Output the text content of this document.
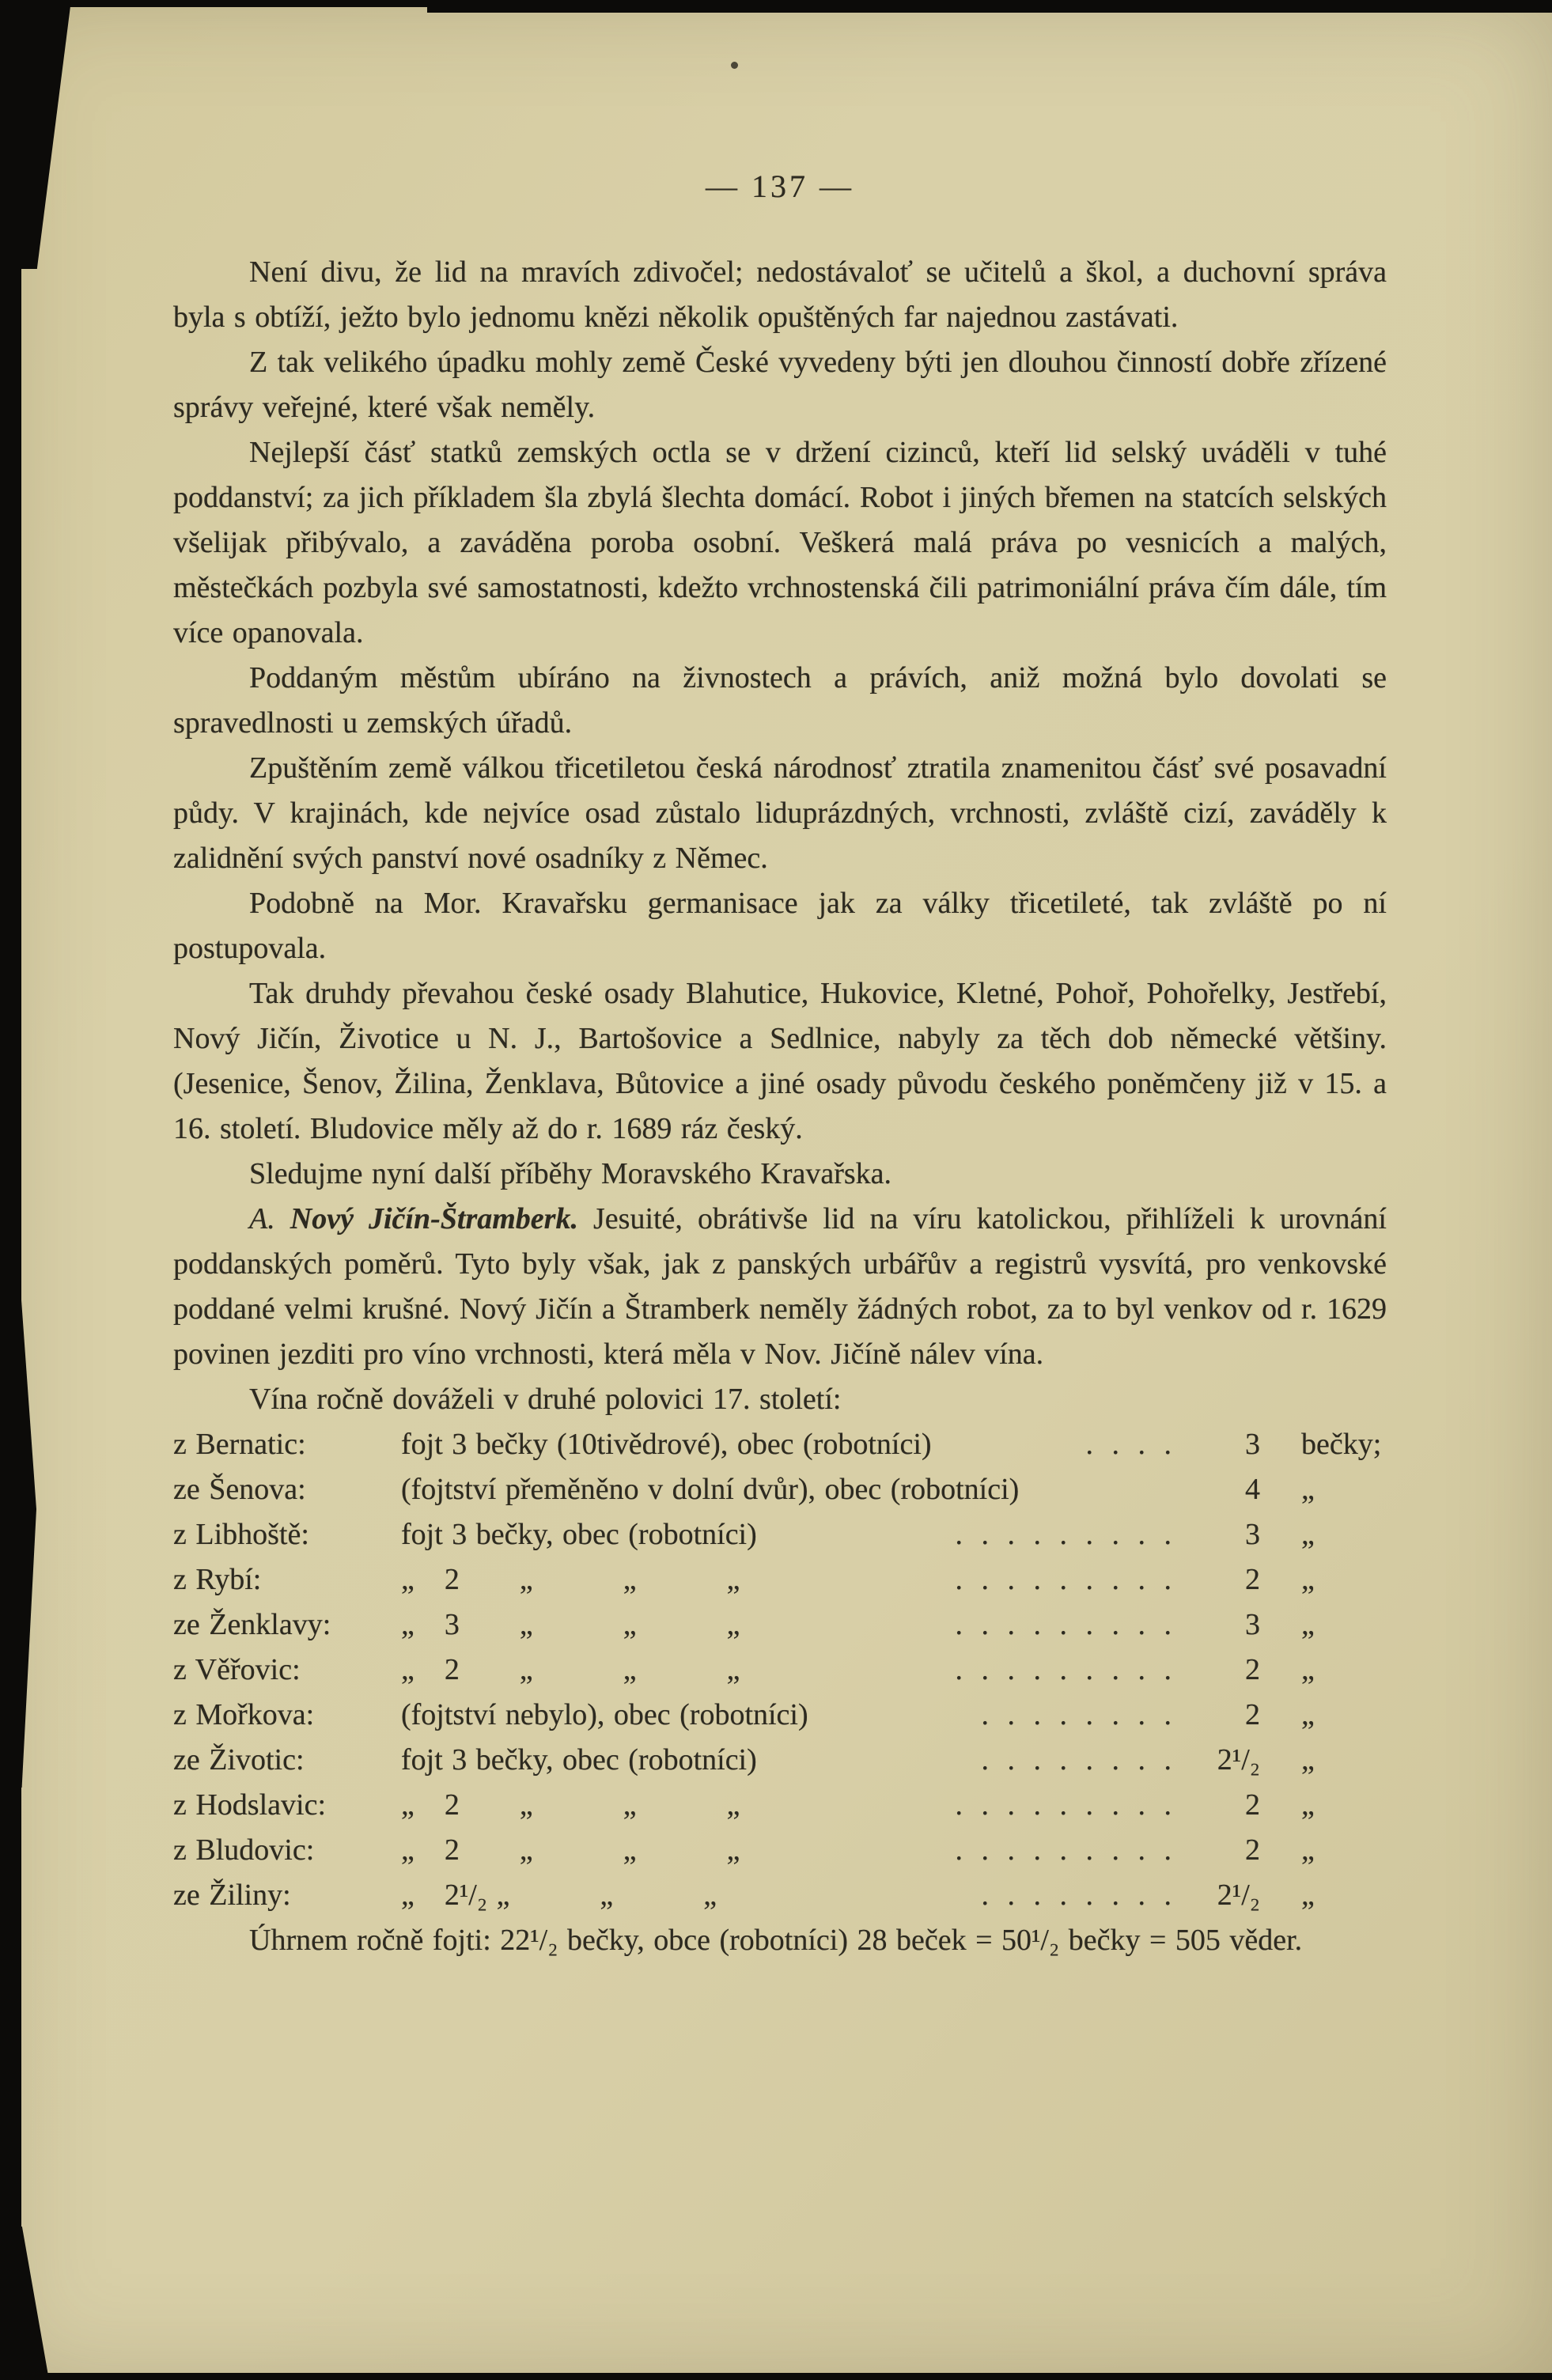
— 137 —

Není divu, že lid na mravích zdivočel; nedostávaloť se učitelů a škol, a duchovní správa byla s obtíží, ježto bylo jednomu knězi několik opuštěných far najednou zastávati.

Z tak velikého úpadku mohly země České vyvedeny býti jen dlouhou činností dobře zřízené správy veřejné, které však neměly.

Nejlepší čásť statků zemských octla se v držení cizinců, kteří lid selský uváděli v tuhé poddanství; za jich příkladem šla zbylá šlechta domácí. Robot i jiných břemen na statcích selských všelijak přibývalo, a zaváděna poroba osobní. Veškerá malá práva po vesnicích a malých, městečkách pozbyla své samostatnosti, kdežto vrchnostenská čili patrimoniální práva čím dále, tím více opanovala.

Poddaným městům ubíráno na živnostech a právích, aniž možná bylo dovolati se spravedlnosti u zemských úřadů.

Zpuštěním země válkou třicetiletou česká národnosť ztratila znamenitou čásť své posavadní půdy. V krajinách, kde nejvíce osad zůstalo liduprázdných, vrchnosti, zvláště cizí, zaváděly k zalidnění svých panství nové osadníky z Němec.

Podobně na Mor. Kravařsku germanisace jak za války třicetileté, tak zvláště po ní postupovala.

Tak druhdy převahou české osady Blahutice, Hukovice, Kletné, Pohoř, Pohořelky, Jestřebí, Nový Jičín, Životice u N. J., Bartošovice a Sedlnice, nabyly za těch dob německé většiny. (Jesenice, Šenov, Žilina, Ženklava, Bůtovice a jiné osady původu českého poněmčeny již v 15. a 16. století. Bludovice měly až do r. 1689 ráz český.

Sledujme nyní další příběhy Moravského Kravařska.

A. Nový Jičín-Štramberk. Jesuité, obrátivše lid na víru katolickou, přihlíželi k urovnání poddanských poměrů. Tyto byly však, jak z panských urbářův a registrů vysvítá, pro venkovské poddané velmi krušné. Nový Jičín a Štramberk neměly žádných robot, za to byl venkov od r. 1629 povinen jezditi pro víno vrchnosti, která měla v Nov. Jičíně nálev vína.

Vína ročně dováželi v druhé polovici 17. století:

z Bernatic:	fojt 3 bečky (10tivědrové), obec (robotníci)	. . . .	3	bečky;
ze Šenova:	(fojtství přeměněno v dolní dvůr), obec (robotníci)	4	„
z Libhoště:	fojt 3 bečky, obec (robotníci)	. . . . . . . . .	3	„
z Rybí:	„ 2  „   „   „	. . . . . . . . .	2	„
ze Ženklavy:	„ 3  „   „   „	. . . . . . . . .	3	„
z Věřovic:	„ 2  „   „   „	. . . . . . . . .	2	„
z Mořkova:	(fojtství nebylo), obec (robotníci)	. . . . . . . .	2	„
ze Životic:	fojt 3 bečky, obec (robotníci)	. . . . . . . .	2¹/₂	„
z Hodslavic:	„ 2  „   „   „	. . . . . . . . .	2	„
z Bludovic:	„ 2  „   „   „	. . . . . . . . .	2	„
ze Žiliny:	„ 2¹/₂ „   „   „	. . . . . . . .	2¹/₂	„

Úhrnem ročně fojti: 22¹/₂ bečky, obce (robotníci) 28 beček = 50¹/₂ bečky = 505 věder.
